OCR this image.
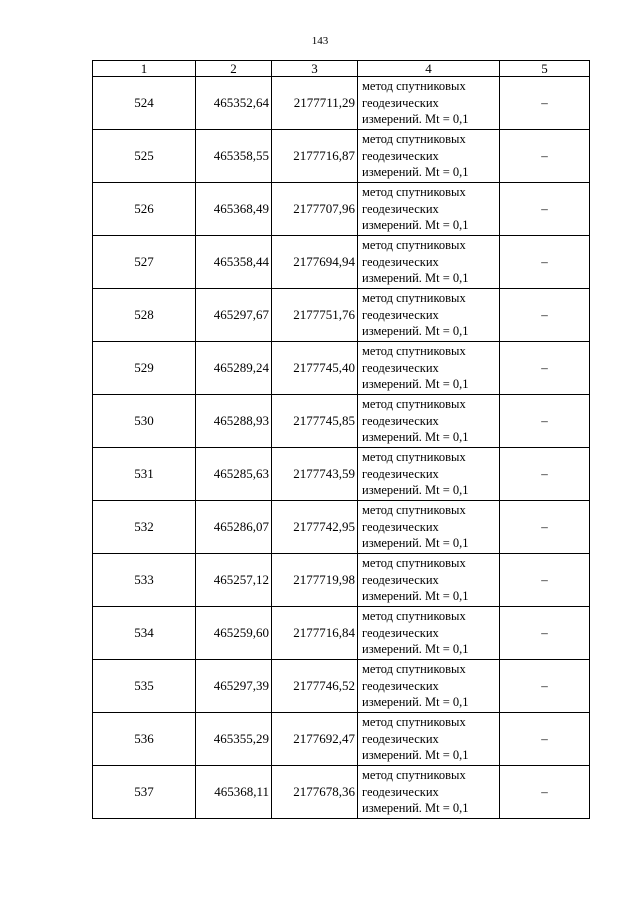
143
1	2	3	4	5
524	465352,64	2177711,29	метод спутниковых
геодезических
измерений. Mt = 0,1	–
525	465358,55	2177716,87	метод спутниковых
геодезических
измерений. Mt = 0,1	–
526	465368,49	2177707,96	метод спутниковых
геодезических
измерений. Mt = 0,1	–
527	465358,44	2177694,94	метод спутниковых
геодезических
измерений. Mt = 0,1	–
528	465297,67	2177751,76	метод спутниковых
геодезических
измерений. Mt = 0,1	–
529	465289,24	2177745,40	метод спутниковых
геодезических
измерений. Mt = 0,1	–
530	465288,93	2177745,85	метод спутниковых
геодезических
измерений. Mt = 0,1	–
531	465285,63	2177743,59	метод спутниковых
геодезических
измерений. Mt = 0,1	–
532	465286,07	2177742,95	метод спутниковых
геодезических
измерений. Mt = 0,1	–
533	465257,12	2177719,98	метод спутниковых
геодезических
измерений. Mt = 0,1	–
534	465259,60	2177716,84	метод спутниковых
геодезических
измерений. Mt = 0,1	–
535	465297,39	2177746,52	метод спутниковых
геодезических
измерений. Mt = 0,1	–
536	465355,29	2177692,47	метод спутниковых
геодезических
измерений. Mt = 0,1	–
537	465368,11	2177678,36	метод спутниковых
геодезических
измерений. Mt = 0,1	–
